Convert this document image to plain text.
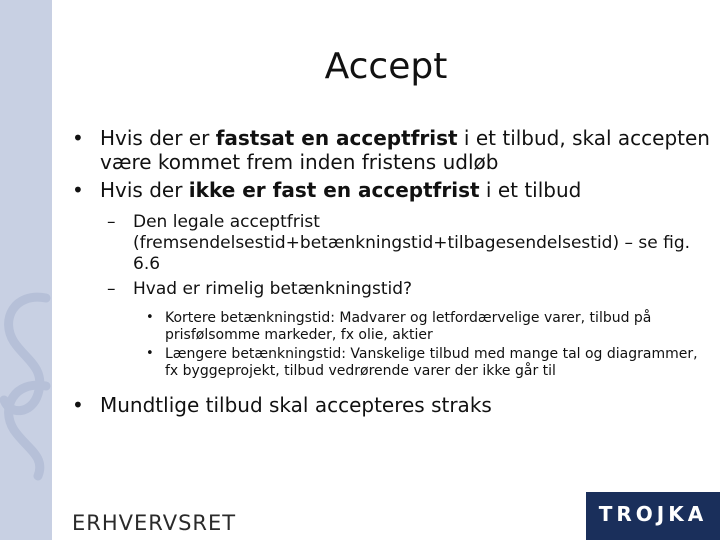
Accept
• Hvis der er fastsat en acceptfrist i et tilbud, skal accepten være kommet frem inden fristens udløb
• Hvis der ikke er fast en acceptfrist i et tilbud
– Den legale acceptfrist (fremsendelsestid+betænkningstid+tilbagesendelsestid) – se fig. 6.6
– Hvad er rimelig betænkningstid?
• Kortere betænkningstid: Madvarer og letfordærvelige varer, tilbud på prisfølsomme markeder, fx olie, aktier
• Længere betænkningstid: Vanskelige tilbud med mange tal og diagrammer, fx byggeprojekt, tilbud vedrørende varer der ikke går til
• Mundtlige tilbud skal accepteres straks
ERHVERVSRET	TROJKA
